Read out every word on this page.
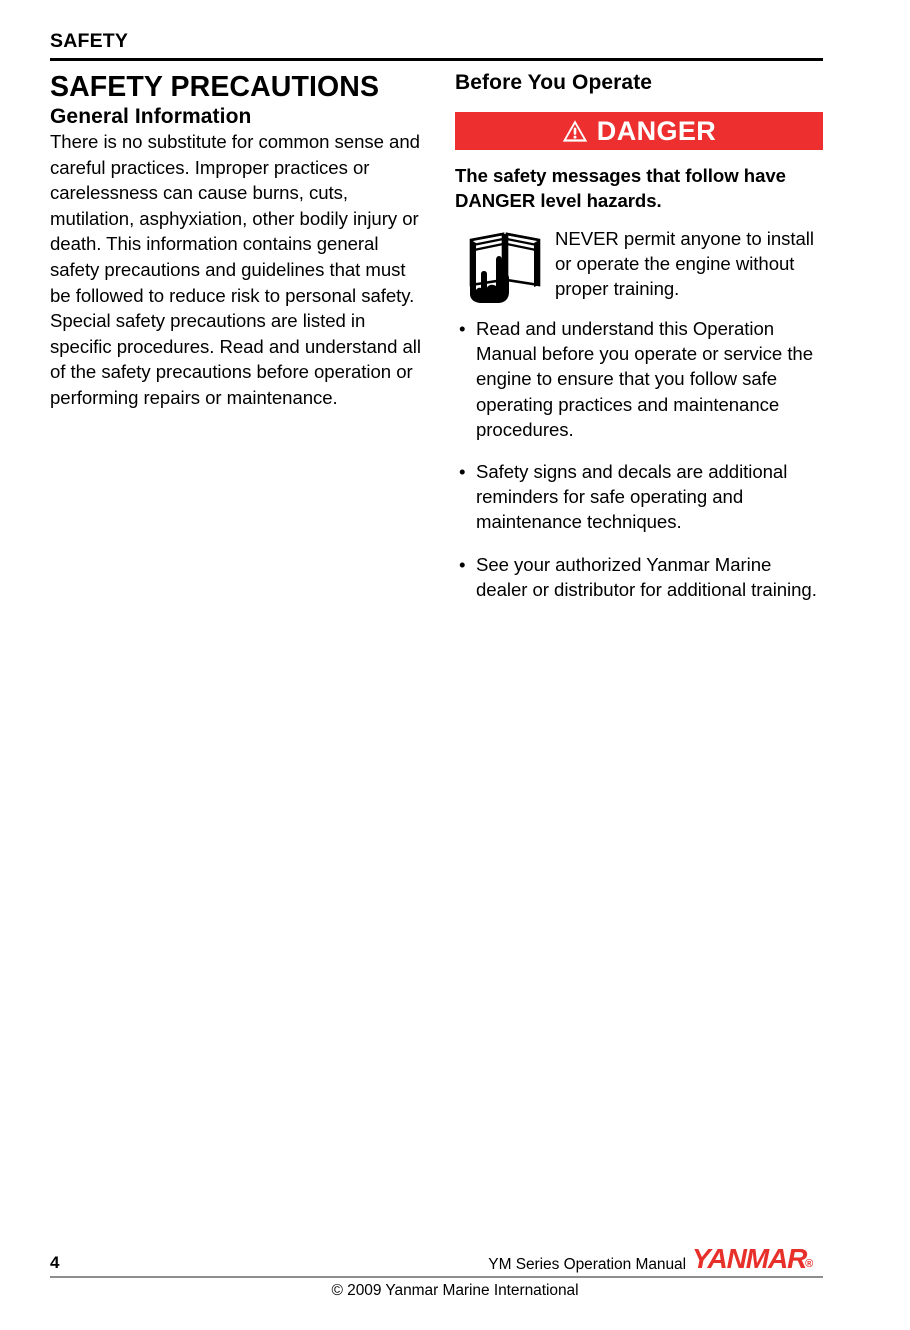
SAFETY
SAFETY PRECAUTIONS
General Information

There is no substitute for common sense and careful practices. Improper practices or carelessness can cause burns, cuts, mutilation, asphyxiation, other bodily injury or death. This information contains general safety precautions and guidelines that must be followed to reduce risk to personal safety. Special safety precautions are listed in specific procedures. Read and understand all of the safety precautions before operation or performing repairs or maintenance.

Before You Operate
DANGER

The safety messages that follow have DANGER level hazards.

NEVER permit anyone to install or operate the engine without proper training.

• Read and understand this Operation Manual before you operate or service the engine to ensure that you follow safe operating practices and maintenance procedures.
• Safety signs and decals are additional reminders for safe operating and maintenance techniques.
• See your authorized Yanmar Marine dealer or distributor for additional training.
4	YM Series Operation Manual YANMAR
®
© 2009 Yanmar Marine International
